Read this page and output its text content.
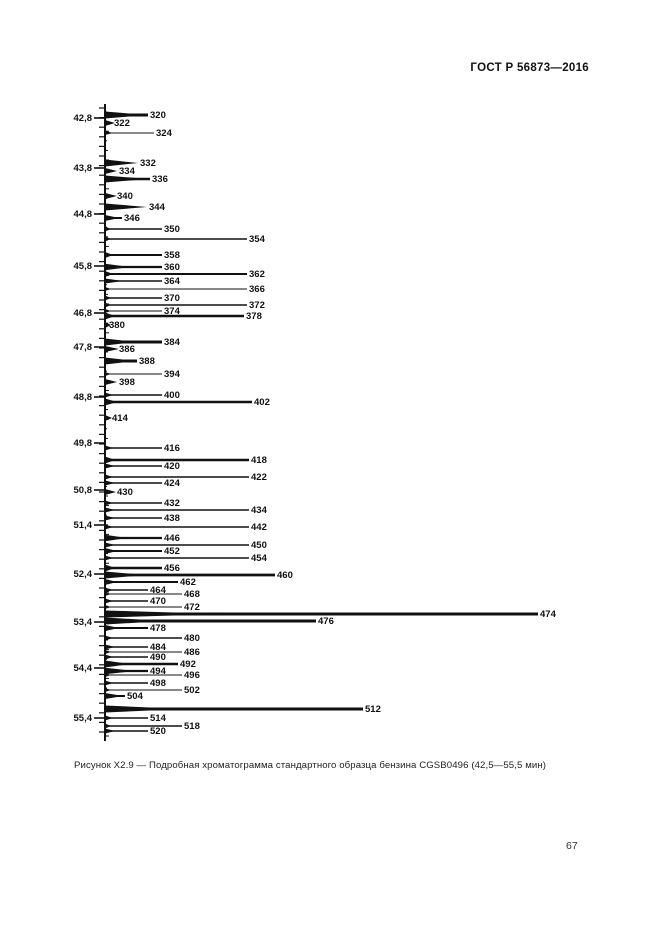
ГОСТ Р 56873—2016
42,8
43,8
44,8
45,8
46,8
47,8
48,8
49,8
50,8
51,4
52,4
53,4
54,4
55,4
320
322
324
332
334
336
340
344
346
350
354
358
360
362
364
366
370
372
374	378
380
384
386
388
394
398
400
402
414
416
418
420
422
424
430
432
434
438
442
446
450
452
454
456
460
462
464 468
470
472
474
476
478
480
484 486
490
492
494 496
498
502
504
512
514
518
520
Рисунок Х2.9 — Подробная хроматограмма стандартного образца бензина CGSB0496 (42,5—55,5 мин)
67
